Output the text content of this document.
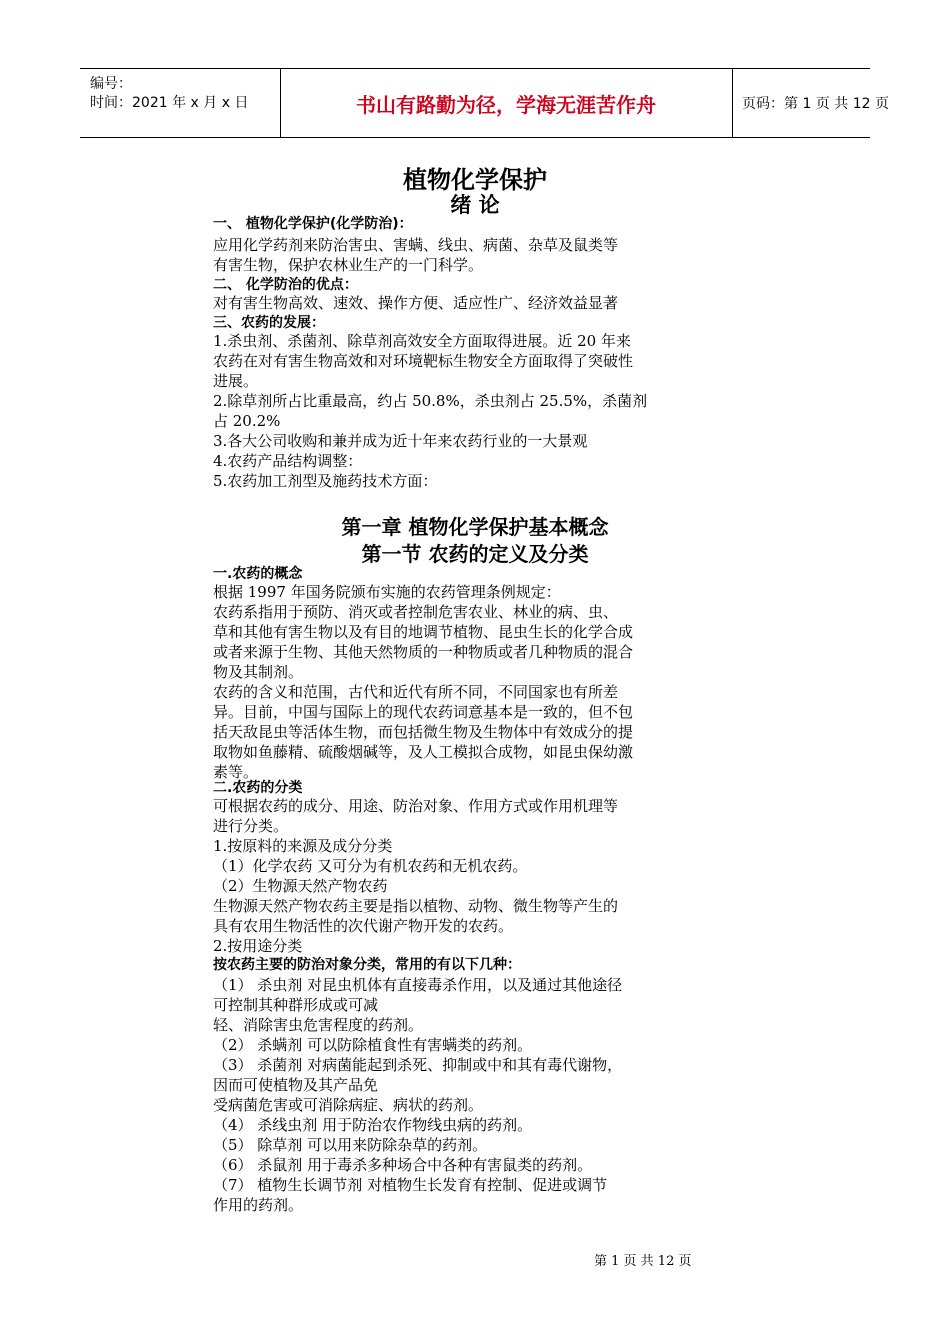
编号：
时间：2021 年 x 月 x 日	书山有路勤为径，学海无涯苦作舟	页码：第 1 页 共 12 页
植物化学保护
绪 论
一、 植物化学保护(化学防治)：
应用化学药剂来防治害虫、害螨、线虫、病菌、杂草及鼠类等
有害生物，保护农林业生产的一门科学。
二、 化学防治的优点：
对有害生物高效、速效、操作方便、适应性广、经济效益显著
三、农药的发展：
1.杀虫剂、杀菌剂、除草剂高效安全方面取得进展。近 20 年来
农药在对有害生物高效和对环境靶标生物安全方面取得了突破性
进展。
2.除草剂所占比重最高，约占 50.8%，杀虫剂占 25.5%，杀菌剂
占 20.2%
3.各大公司收购和兼并成为近十年来农药行业的一大景观
4.农药产品结构调整：
5.农药加工剂型及施药技术方面：
第一章 植物化学保护基本概念
第一节 农药的定义及分类
一.农药的概念
根据 1997 年国务院颁布实施的农药管理条例规定：
农药系指用于预防、消灭或者控制危害农业、林业的病、虫、
草和其他有害生物以及有目的地调节植物、昆虫生长的化学合成
或者来源于生物、其他天然物质的一种物质或者几种物质的混合
物及其制剂。
农药的含义和范围，古代和近代有所不同，不同国家也有所差
异。目前，中国与国际上的现代农药词意基本是一致的，但不包
括天敌昆虫等活体生物，而包括微生物及生物体中有效成分的提
取物如鱼藤精、硫酸烟碱等，及人工模拟合成物，如昆虫保幼激
素等。
二.农药的分类
可根据农药的成分、用途、防治对象、作用方式或作用机理等
进行分类。
1.按原料的来源及成分分类
（1）化学农药 又可分为有机农药和无机农药。
（2）生物源天然产物农药
生物源天然产物农药主要是指以植物、动物、微生物等产生的
具有农用生物活性的次代谢产物开发的农药。
2.按用途分类
按农药主要的防治对象分类，常用的有以下几种：
（1） 杀虫剂 对昆虫机体有直接毒杀作用，以及通过其他途径
可控制其种群形成或可减
轻、消除害虫危害程度的药剂。
（2） 杀螨剂 可以防除植食性有害螨类的药剂。
（3） 杀菌剂 对病菌能起到杀死、抑制或中和其有毒代谢物，
因而可使植物及其产品免
受病菌危害或可消除病症、病状的药剂。
（4） 杀线虫剂 用于防治农作物线虫病的药剂。
（5） 除草剂 可以用来防除杂草的药剂。
（6） 杀鼠剂 用于毒杀多种场合中各种有害鼠类的药剂。
（7） 植物生长调节剂 对植物生长发育有控制、促进或调节
作用的药剂。
第 1 页 共 12 页
